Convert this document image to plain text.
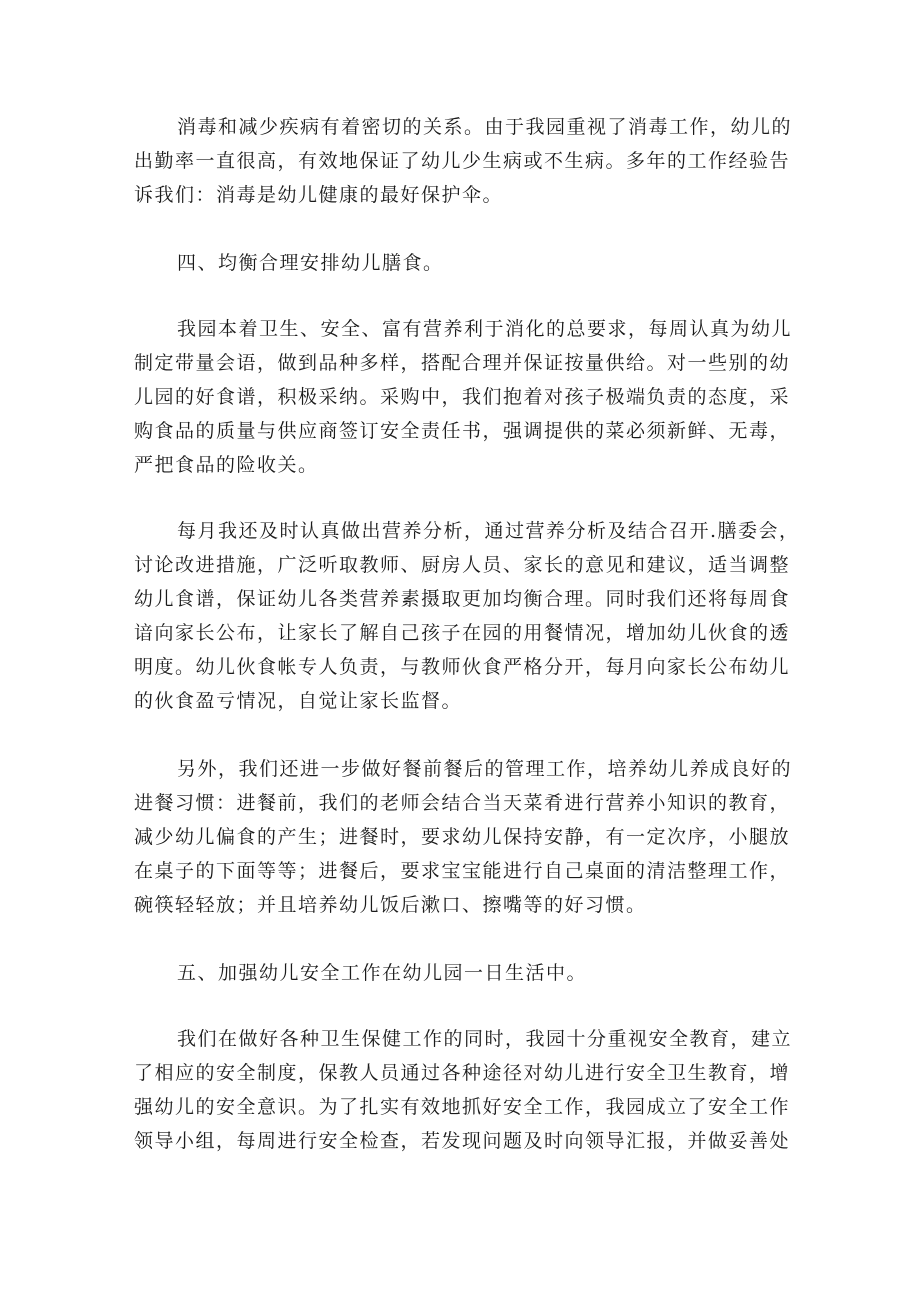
消毒和减少疾病有着密切的关系。由于我园重视了消毒工作，幼儿的
出勤率一直很高，有效地保证了幼儿少生病或不生病。多年的工作经验告
诉我们：消毒是幼儿健康的最好保护伞。

四、均衡合理安排幼儿膳食。

我园本着卫生、安全、富有营养利于消化的总要求，每周认真为幼儿
制定带量会语，做到品种多样，搭配合理并保证按量供给。对一些别的幼
儿园的好食谱，积极采纳。采购中，我们抱着对孩子极端负责的态度，采
购食品的质量与供应商签订安全责任书，强调提供的菜必须新鲜、无毒，
严把食品的险收关。

每月我还及时认真做出营养分析，通过营养分析及结合召开.膳委会，
讨论改进措施，广泛听取教师、厨房人员、家长的意见和建议，适当调整
幼儿食谱，保证幼儿各类营养素摄取更加均衡合理。同时我们还将每周食
谙向家长公布，让家长了解自己孩子在园的用餐情况，增加幼儿伙食的透
明度。幼儿伙食帐专人负责，与教师伙食严格分开，每月向家长公布幼儿
的伙食盈亏情况，自觉让家长监督。

另外，我们还进一步做好餐前餐后的管理工作，培养幼儿养成良好的
进餐习惯：进餐前，我们的老师会结合当天菜肴进行营养小知识的教育，
减少幼儿偏食的产生；进餐时，要求幼儿保持安静，有一定次序，小腿放
在桌子的下面等等；进餐后，要求宝宝能进行自己桌面的清洁整理工作，
碗筷轻轻放；并且培养幼儿饭后漱口、擦嘴等的好习惯。

五、加强幼儿安全工作在幼儿园一日生活中。

我们在做好各种卫生保健工作的同时，我园十分重视安全教育，建立
了相应的安全制度，保教人员通过各种途径对幼儿进行安全卫生教育，增
强幼儿的安全意识。为了扎实有效地抓好安全工作，我园成立了安全工作
领导小组，每周进行安全检查，若发现问题及时向领导汇报，并做妥善处
